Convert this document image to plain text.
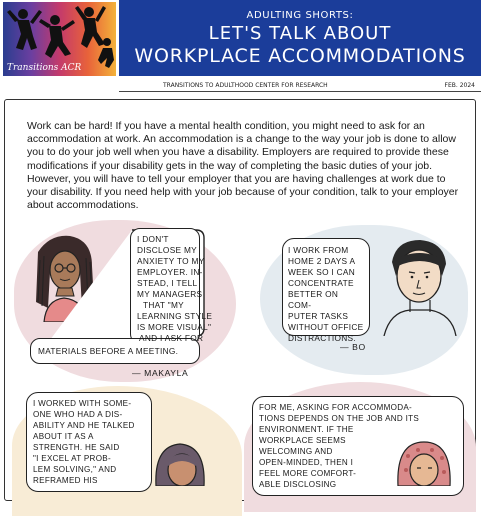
Transitions ACR
ADULTING SHORTS:
LET'S TALK ABOUT
WORKPLACE ACCOMMODATIONS
TRANSITIONS TO ADULTHOOD CENTER FOR RESEARCH	FEB. 2024

Work can be hard! If you have a mental health condition, you might need to ask for an accommodation at work. An accommodation is a change to the way your job is done to allow you to do your job well when you have a disability. Employers are required to provide these modifications if your disability gets in the way of completing the basic duties of your job. However, you will have to tell your employer that you are having challenges at work due to your disability. If you need help with your job because of your condition, talk to your employer about accommodations.

I DON'T
DISCLOSE MY
ANXIETY TO MY
EMPLOYER. IN-
STEAD, I TELL
MY MANAGERS
THAT "MY
LEARNING STYLE
IS MORE VISUAL"
AND I ASK FOR
MATERIALS BEFORE A MEETING.
— MAKAYLA
I WORK FROM
HOME 2 DAYS A
WEEK SO I CAN
CONCENTRATE
BETTER ON COM-
PUTER TASKS
WITHOUT OFFICE
DISTRACTIONS.
— BO
I WORKED WITH SOME-
ONE WHO HAD A DIS-
ABILITY AND HE TALKED
ABOUT IT AS A
STRENGTH. HE SAID
"I EXCEL AT PROB-
LEM SOLVING," AND
REFRAMED HIS
FOR ME, ASKING FOR ACCOMMODA-
TIONS DEPENDS ON THE JOB AND ITS
ENVIRONMENT. IF THE
WORKPLACE SEEMS
WELCOMING AND
OPEN-MINDED, THEN I
FEEL MORE COMFORT-
ABLE DISCLOSING
